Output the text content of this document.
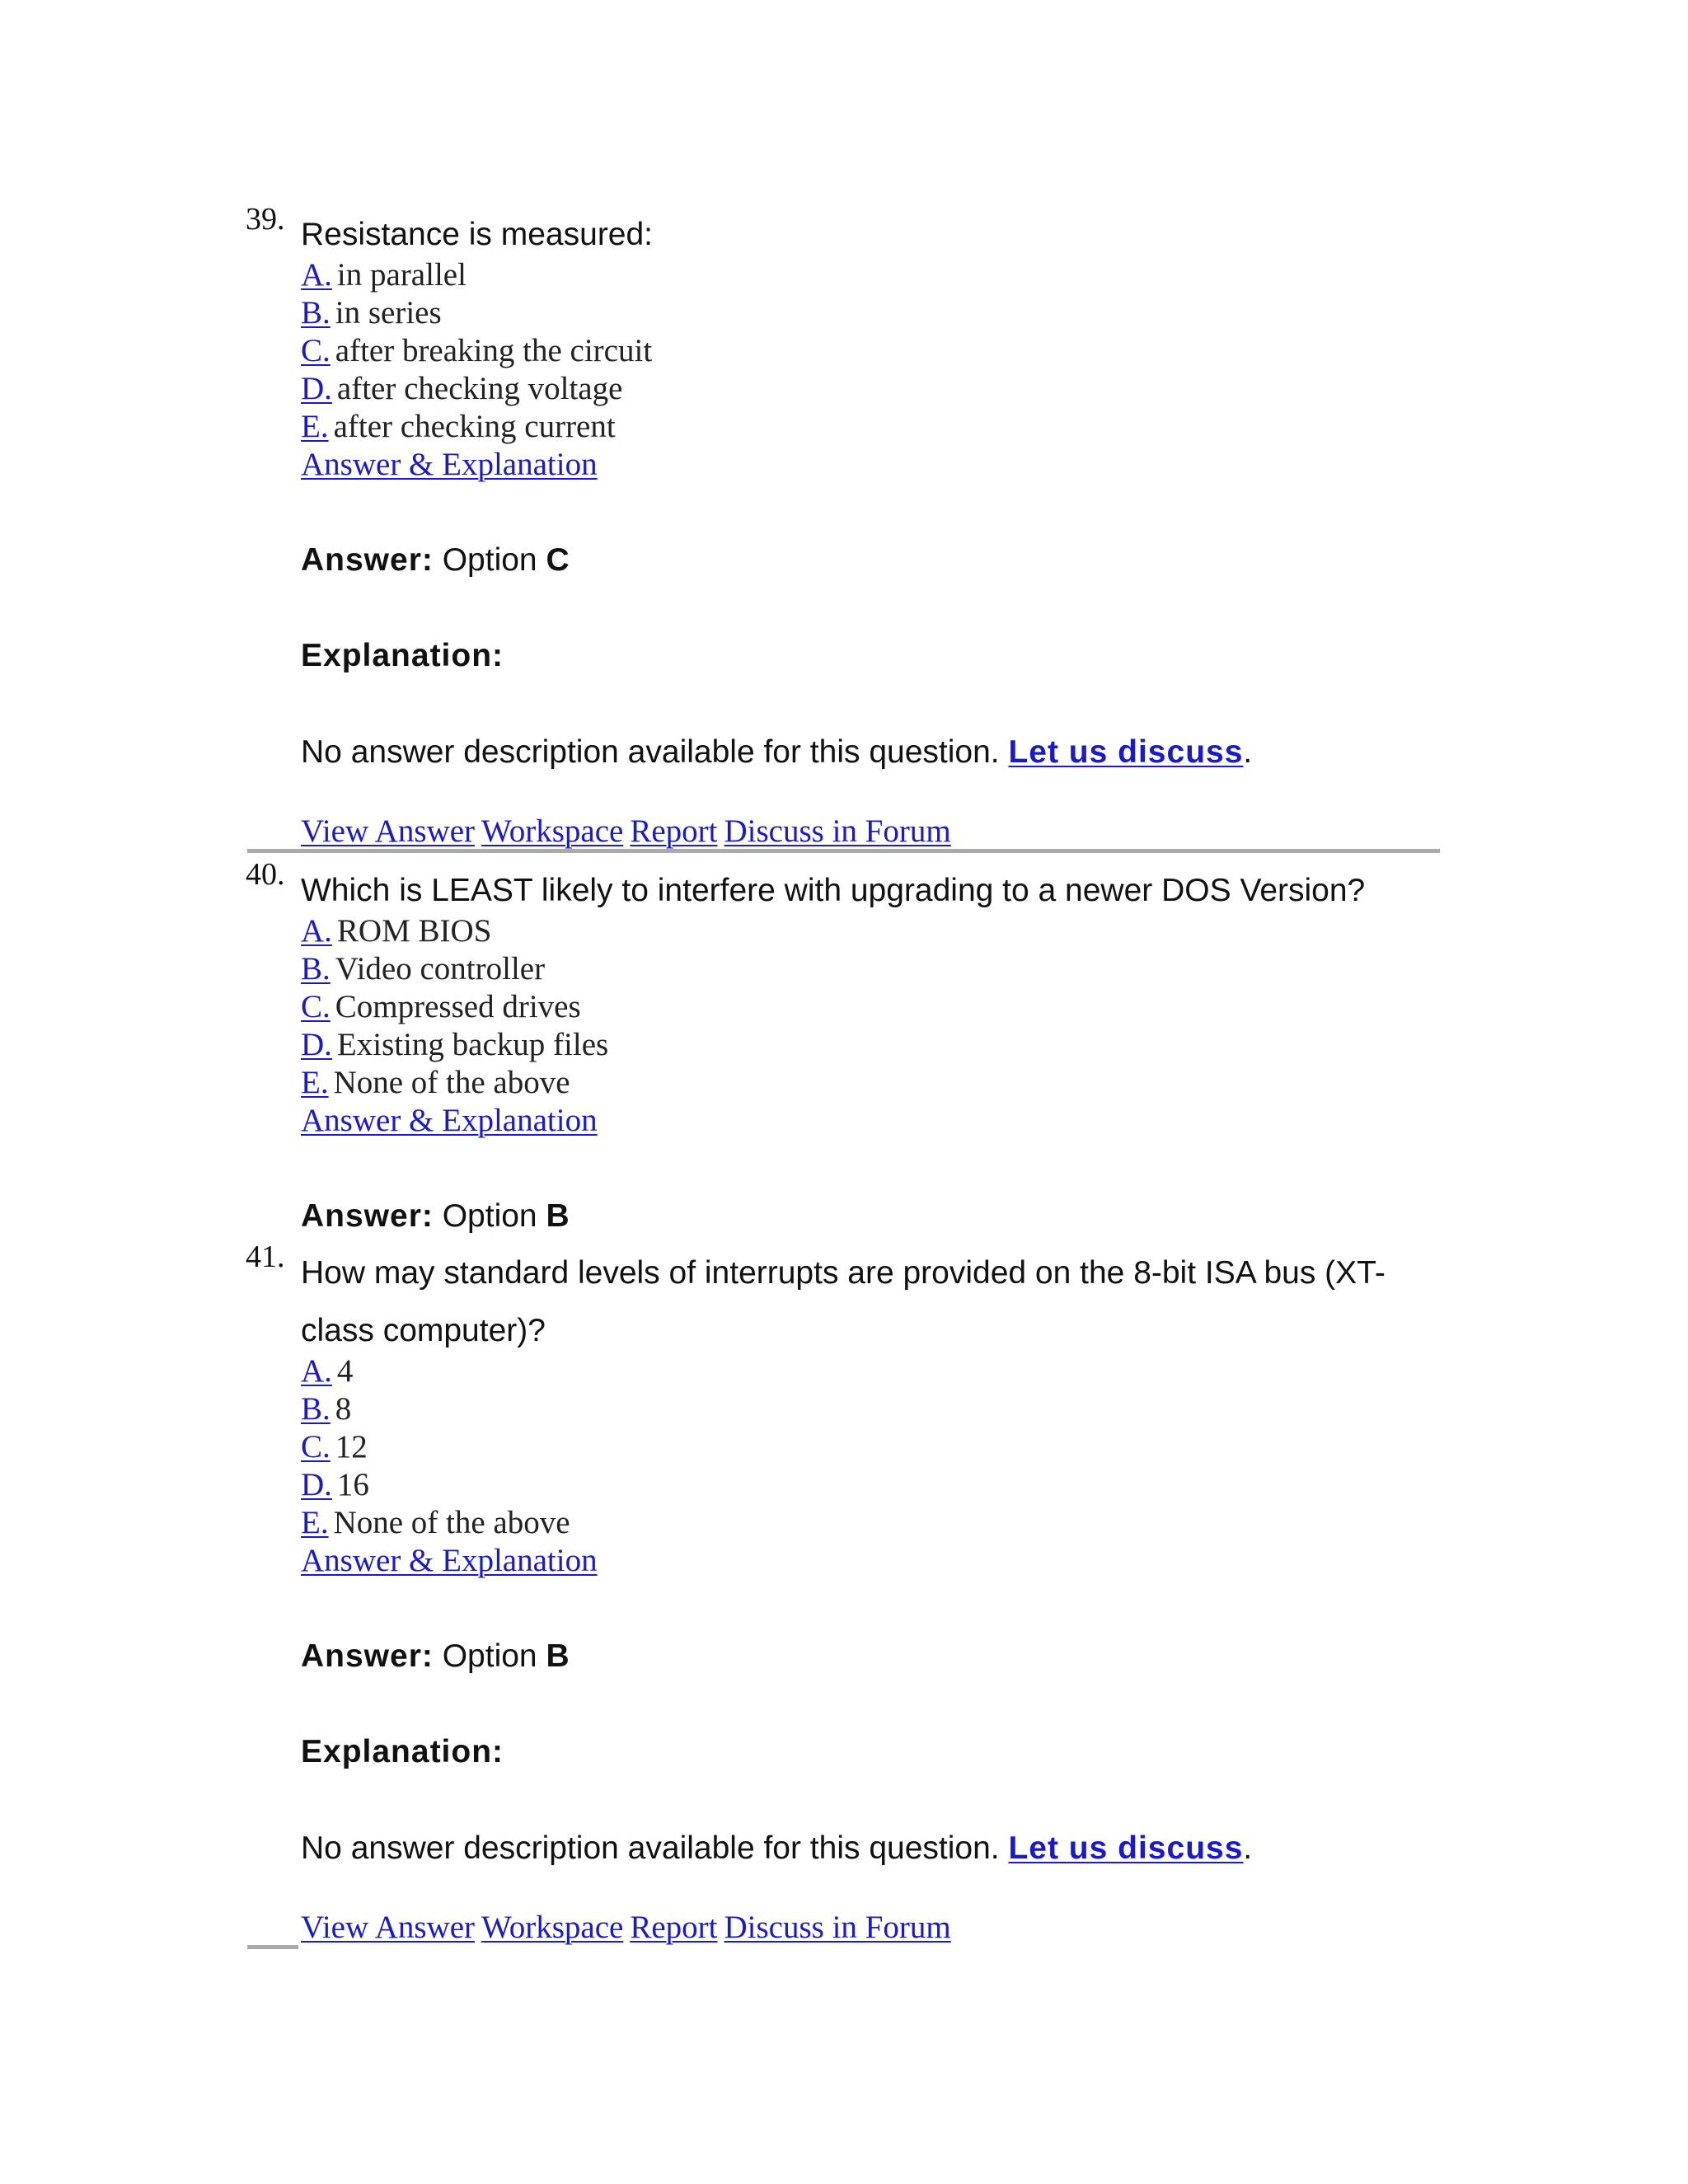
39. Resistance is measured:
A. in parallel
B. in series
C. after breaking the circuit
D. after checking voltage
E. after checking current
Answer & Explanation
Answer: Option C
Explanation:
No answer description available for this question. Let us discuss.
View Answer Workspace Report Discuss in Forum
40. Which is LEAST likely to interfere with upgrading to a newer DOS Version?
A. ROM BIOS
B. Video controller
C. Compressed drives
D. Existing backup files
E. None of the above
Answer & Explanation
Answer: Option B
41. How may standard levels of interrupts are provided on the 8-bit ISA bus (XT-
class computer)?
A. 4
B. 8
C. 12
D. 16
E. None of the above
Answer & Explanation
Answer: Option B
Explanation:
No answer description available for this question. Let us discuss.
View Answer Workspace Report Discuss in Forum
